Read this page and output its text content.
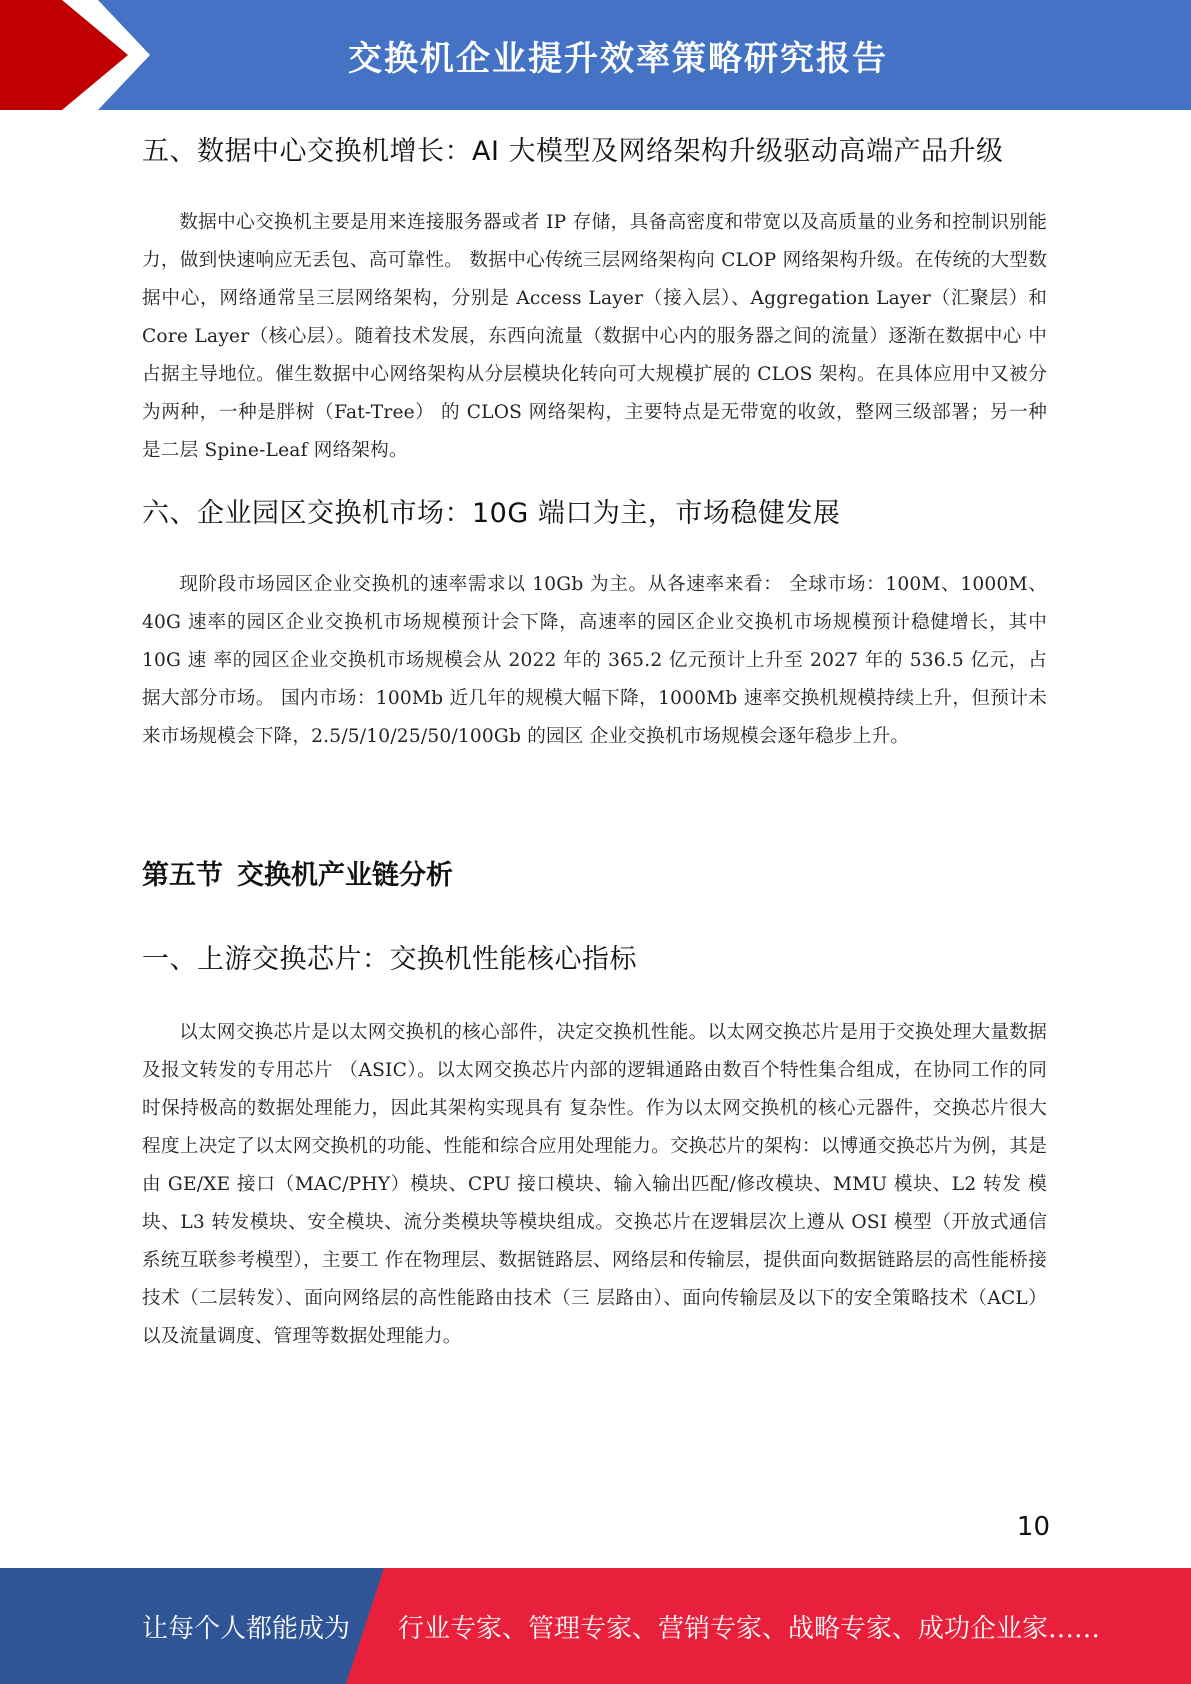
交换机企业提升效率策略研究报告
五、数据中心交换机增长：AI 大模型及网络架构升级驱动高端产品升级

数据中心交换机主要是用来连接服务器或者 IP 存储，具备高密度和带宽以及高质量的业务和控制识别能力，做到快速响应无丢包、高可靠性。 数据中心传统三层网络架构向 CLOP 网络架构升级。在传统的大型数据中心，网络通常呈三层网络架构，分别是 Access Layer（接入层）、Aggregation Layer（汇聚层）和 Core Layer（核心层）。随着技术发展，东西向流量（数据中心内的服务器之间的流量）逐渐在数据中心 中占据主导地位。催生数据中心网络架构从分层模块化转向可大规模扩展的 CLOS 架构。在具体应用中又被分为两种，一种是胖树（Fat-Tree） 的 CLOS 网络架构，主要特点是无带宽的收敛，整网三级部署；另一种是二层 Spine-Leaf 网络架构。

六、企业园区交换机市场：10G 端口为主，市场稳健发展

现阶段市场园区企业交换机的速率需求以 10Gb 为主。从各速率来看： 全球市场：100M、1000M、40G 速率的园区企业交换机市场规模预计会下降，高速率的园区企业交换机市场规模预计稳健增长，其中 10G 速 率的园区企业交换机市场规模会从 2022 年的 365.2 亿元预计上升至 2027 年的 536.5 亿元，占据大部分市场。 国内市场：100Mb 近几年的规模大幅下降，1000Mb 速率交换机规模持续上升，但预计未来市场规模会下降，2.5/5/10/25/50/100Gb 的园区 企业交换机市场规模会逐年稳步上升。

第五节 交换机产业链分析
一、上游交换芯片：交换机性能核心指标

以太网交换芯片是以太网交换机的核心部件，决定交换机性能。以太网交换芯片是用于交换处理大量数据及报文转发的专用芯片 （ASIC）。以太网交换芯片内部的逻辑通路由数百个特性集合组成，在协同工作的同时保持极高的数据处理能力，因此其架构实现具有 复杂性。作为以太网交换机的核心元器件，交换芯片很大程度上决定了以太网交换机的功能、性能和综合应用处理能力。交换芯片的架构：以博通交换芯片为例，其是由 GE/XE 接口（MAC/PHY）模块、CPU 接口模块、输入输出匹配/修改模块、MMU 模块、L2 转发 模块、L3 转发模块、安全模块、流分类模块等模块组成。交换芯片在逻辑层次上遵从 OSI 模型（开放式通信系统互联参考模型），主要工 作在物理层、数据链路层、网络层和传输层，提供面向数据链路层的高性能桥接技术（二层转发）、面向网络层的高性能路由技术（三 层路由）、面向传输层及以下的安全策略技术（ACL）以及流量调度、管理等数据处理能力。

10
让每个人都能成为 行业专家、管理专家、营销专家、战略专家、成功企业家……
